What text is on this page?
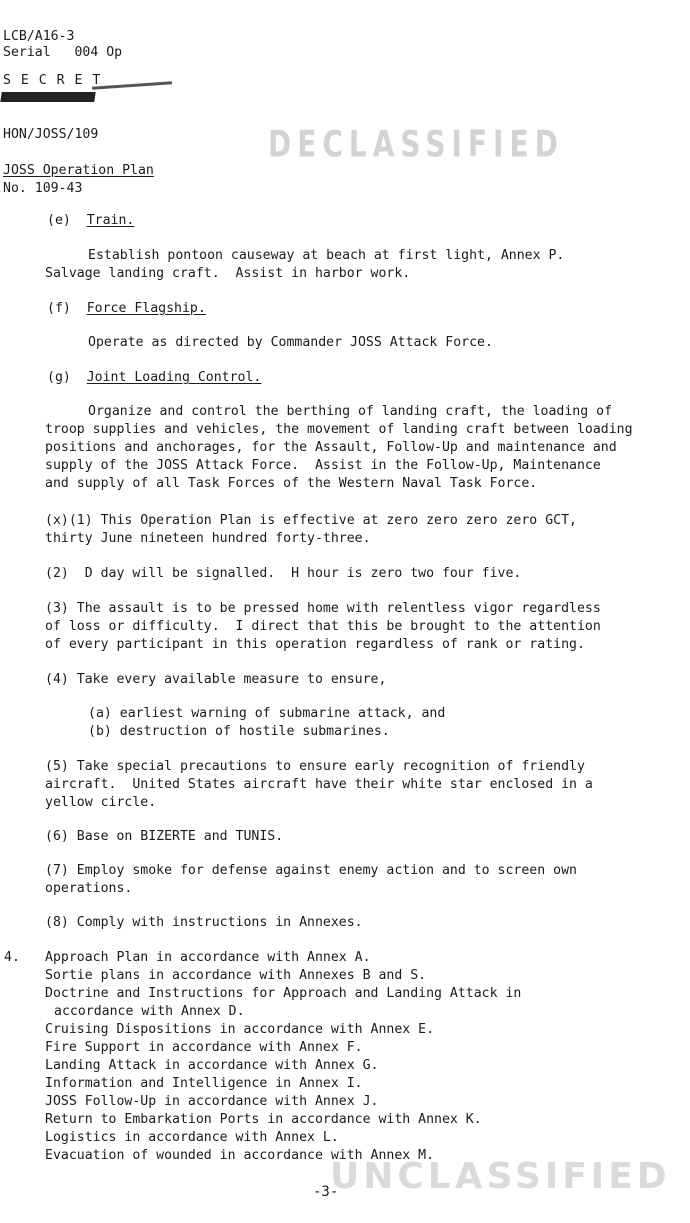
LCB/A16-3
Serial   004 Op
S E C R E T
HON/JOSS/109
JOSS Operation Plan
No. 109-43
DECLASSIFIED
(e)  Train.
Establish pontoon causeway at beach at first light, Annex P.
Salvage landing craft.  Assist in harbor work.
(f)  Force Flagship.
Operate as directed by Commander JOSS Attack Force.
(g)  Joint Loading Control.
Organize and control the berthing of landing craft, the loading of
troop supplies and vehicles, the movement of landing craft between loading
positions and anchorages, for the Assault, Follow-Up and maintenance and
supply of the JOSS Attack Force.  Assist in the Follow-Up, Maintenance
and supply of all Task Forces of the Western Naval Task Force.
(x)(1) This Operation Plan is effective at zero zero zero zero GCT,
thirty June nineteen hundred forty-three.
(2)  D day will be signalled.  H hour is zero two four five.
(3) The assault is to be pressed home with relentless vigor regardless
of loss or difficulty.  I direct that this be brought to the attention
of every participant in this operation regardless of rank or rating.
(4) Take every available measure to ensure,
(a) earliest warning of submarine attack, and
(b) destruction of hostile submarines.
(5) Take special precautions to ensure early recognition of friendly
aircraft.  United States aircraft have their white star enclosed in a
yellow circle.
(6) Base on BIZERTE and TUNIS.
(7) Employ smoke for defense against enemy action and to screen own
operations.
(8) Comply with instructions in Annexes.
4. Approach Plan in accordance with Annex A.
Sortie plans in accordance with Annexes B and S.
Doctrine and Instructions for Approach and Landing Attack in
accordance with Annex D.
Cruising Dispositions in accordance with Annex E.
Fire Support in accordance with Annex F.
Landing Attack in accordance with Annex G.
Information and Intelligence in Annex I.
JOSS Follow-Up in accordance with Annex J.
Return to Embarkation Ports in accordance with Annex K.
Logistics in accordance with Annex L.
Evacuation of wounded in accordance with Annex M.
UNCLASSIFIED
-3-
